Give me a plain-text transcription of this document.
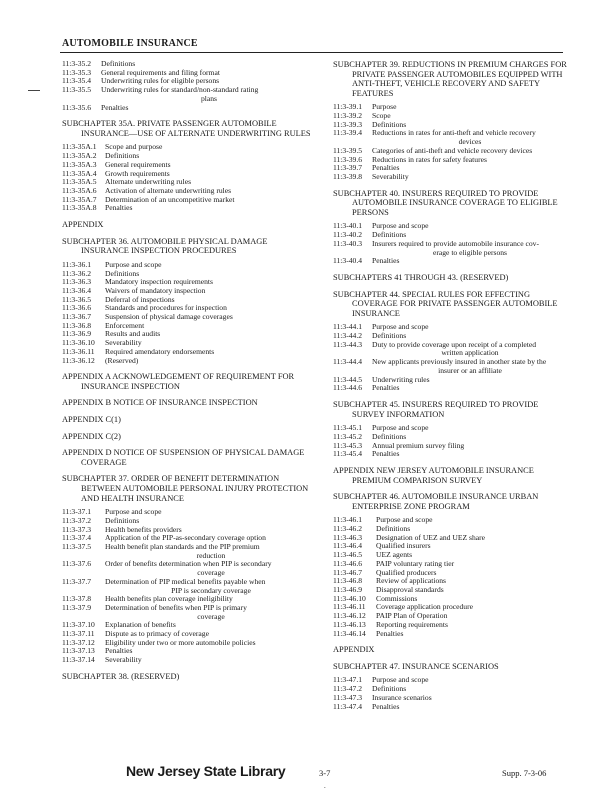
AUTOMOBILE INSURANCE
11:3-35.2	Definitions
11:3-35.3	General requirements and filing format
11:3-35.4	Underwriting rules for eligible persons
11:3-35.5	Underwriting rules for standard/non-standard rating
plans
11:3-35.6	Penalties
SUBCHAPTER 35A. PRIVATE PASSENGER AUTOMOBILE INSURANCE—USE OF ALTERNATE UNDERWRITING RULES
11:3-35A.1	Scope and purpose
11:3-35A.2	Definitions
11:3-35A.3	General requirements
11:3-35A.4	Growth requirements
11:3-35A.5	Alternate underwriting rules
11:3-35A.6	Activation of alternate underwriting rules
11:3-35A.7	Determination of an uncompetitive market
11:3-35A.8	Penalties
APPENDIX
SUBCHAPTER 36. AUTOMOBILE PHYSICAL DAMAGE INSURANCE INSPECTION PROCEDURES
11:3-36.1	Purpose and scope
11:3-36.2	Definitions
11:3-36.3	Mandatory inspection requirements
11:3-36.4	Waivers of mandatory inspection
11:3-36.5	Deferral of inspections
11:3-36.6	Standards and procedures for inspection
11:3-36.7	Suspension of physical damage coverages
11:3-36.8	Enforcement
11:3-36.9	Results and audits
11:3-36.10	Severability
11:3-36.11	Required amendatory endorsements
11:3-36.12	(Reserved)
APPENDIX A ACKNOWLEDGEMENT OF REQUIREMENT FOR INSURANCE INSPECTION
APPENDIX B NOTICE OF INSURANCE INSPECTION
APPENDIX C(1)
APPENDIX C(2)
APPENDIX D NOTICE OF SUSPENSION OF PHYSICAL DAMAGE COVERAGE
SUBCHAPTER 37. ORDER OF BENEFIT DETERMINATION BETWEEN AUTOMOBILE PERSONAL INJURY PROTECTION AND HEALTH INSURANCE
11:3-37.1	Purpose and scope
11:3-37.2	Definitions
11:3-37.3	Health benefits providers
11:3-37.4	Application of the PIP-as-secondary coverage option
11:3-37.5	Health benefit plan standards and the PIP premium
reduction
11:3-37.6	Order of benefits determination when PIP is secondary
coverage
11:3-37.7	Determination of PIP medical benefits payable when
PIP is secondary coverage
11:3-37.8	Health benefits plan coverage ineligibility
11:3-37.9	Determination of benefits when PIP is primary
coverage
11:3-37.10	Explanation of benefits
11:3-37.11	Dispute as to primacy of coverage
11:3-37.12	Eligibility under two or more automobile policies
11:3-37.13	Penalties
11:3-37.14	Severability
SUBCHAPTER 38. (RESERVED)
SUBCHAPTER 39. REDUCTIONS IN PREMIUM CHARGES FOR PRIVATE PASSENGER AUTOMOBILES EQUIPPED WITH ANTI-THEFT, VEHICLE RECOVERY AND SAFETY FEATURES
11:3-39.1	Purpose
11:3-39.2	Scope
11:3-39.3	Definitions
11:3-39.4	Reductions in rates for anti-theft and vehicle recovery
devices
11:3-39.5	Categories of anti-theft and vehicle recovery devices
11:3-39.6	Reductions in rates for safety features
11:3-39.7	Penalties
11:3-39.8	Severability
SUBCHAPTER 40. INSURERS REQUIRED TO PROVIDE AUTOMOBILE INSURANCE COVERAGE TO ELIGIBLE PERSONS
11:3-40.1	Purpose and scope
11:3-40.2	Definitions
11:3-40.3	Insurers required to provide automobile insurance cov-
erage to eligible persons
11:3-40.4	Penalties
SUBCHAPTERS 41 THROUGH 43. (RESERVED)
SUBCHAPTER 44. SPECIAL RULES FOR EFFECTING COVERAGE FOR PRIVATE PASSENGER AUTOMOBILE INSURANCE
11:3-44.1	Purpose and scope
11:3-44.2	Definitions
11:3-44.3	Duty to provide coverage upon receipt of a completed
written application
11:3-44.4	New applicants previously insured in another state by the
insurer or an affiliate
11:3-44.5	Underwriting rules
11:3-44.6	Penalties
SUBCHAPTER 45. INSURERS REQUIRED TO PROVIDE SURVEY INFORMATION
11:3-45.1	Purpose and scope
11:3-45.2	Definitions
11:3-45.3	Annual premium survey filing
11:3-45.4	Penalties
APPENDIX NEW JERSEY AUTOMOBILE INSURANCE PREMIUM COMPARISON SURVEY
SUBCHAPTER 46. AUTOMOBILE INSURANCE URBAN ENTERPRISE ZONE PROGRAM
11:3-46.1	Purpose and scope
11:3-46.2	Definitions
11:3-46.3	Designation of UEZ and UEZ share
11:3-46.4	Qualified insurers
11:3-46.5	UEZ agents
11:3-46.6	PAIP voluntary rating tier
11:3-46.7	Qualified producers
11:3-46.8	Review of applications
11:3-46.9	Disapproval standards
11:3-46.10	Commissions
11:3-46.11	Coverage application procedure
11:3-46.12	PAIP Plan of Operation
11:3-46.13	Reporting requirements
11:3-46.14	Penalties
APPENDIX
SUBCHAPTER 47. INSURANCE SCENARIOS
11:3-47.1	Purpose and scope
11:3-47.2	Definitions
11:3-47.3	Insurance scenarios
11:3-47.4	Penalties
New Jersey State Library	3-7
.
Supp. 7-3-06
